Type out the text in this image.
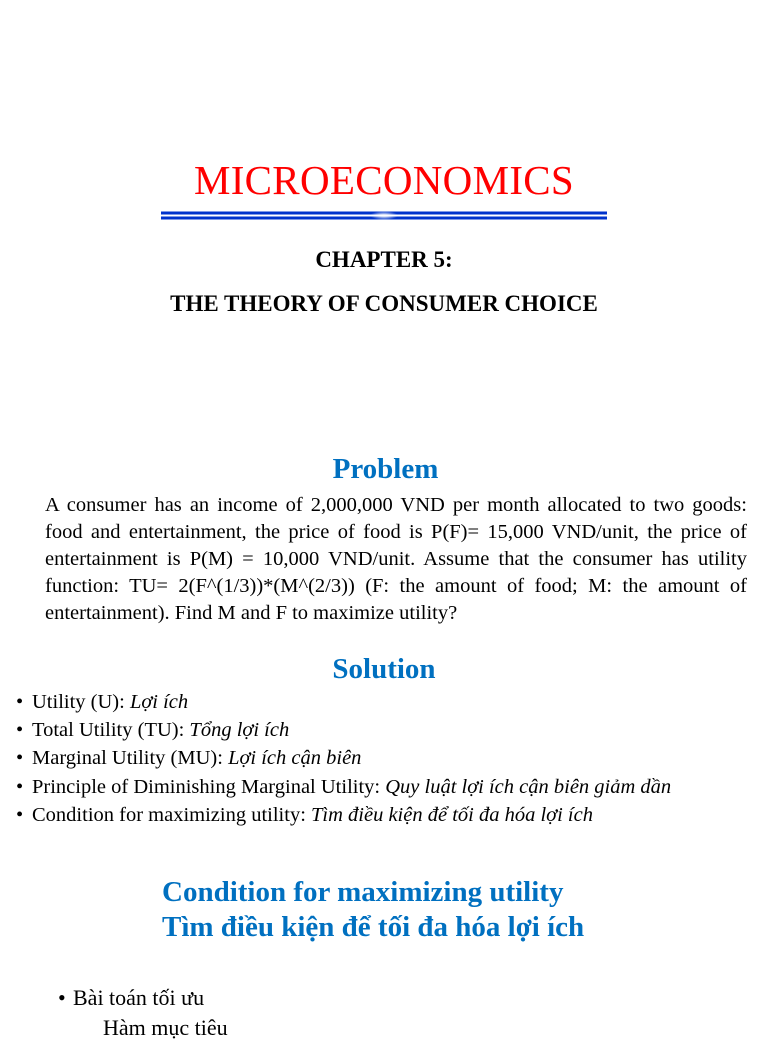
MICROECONOMICS
CHAPTER 5:
THE THEORY OF CONSUMER CHOICE
Problem
A consumer has an income of 2,000,000 VND per month allocated to two goods: food and entertainment, the price of food is P(F)= 15,000 VND/unit, the price of entertainment is P(M) = 10,000 VND/unit. Assume that the consumer has utility function: TU= 2(F^(1/3))*(M^(2/3)) (F: the amount of food; M: the amount of entertainment). Find M and F to maximize utility?
Solution
• Utility (U): Lợi ích
• Total Utility (TU): Tổng lợi ích
• Marginal Utility (MU): Lợi ích cận biên
• Principle of Diminishing Marginal Utility: Quy luật lợi ích cận biên giảm dần
• Condition for maximizing utility: Tìm điều kiện để tối đa hóa lợi ích
Condition for maximizing utility
Tìm điều kiện để tối đa hóa lợi ích
• Bài toán tối ưu
Hàm mục tiêu
